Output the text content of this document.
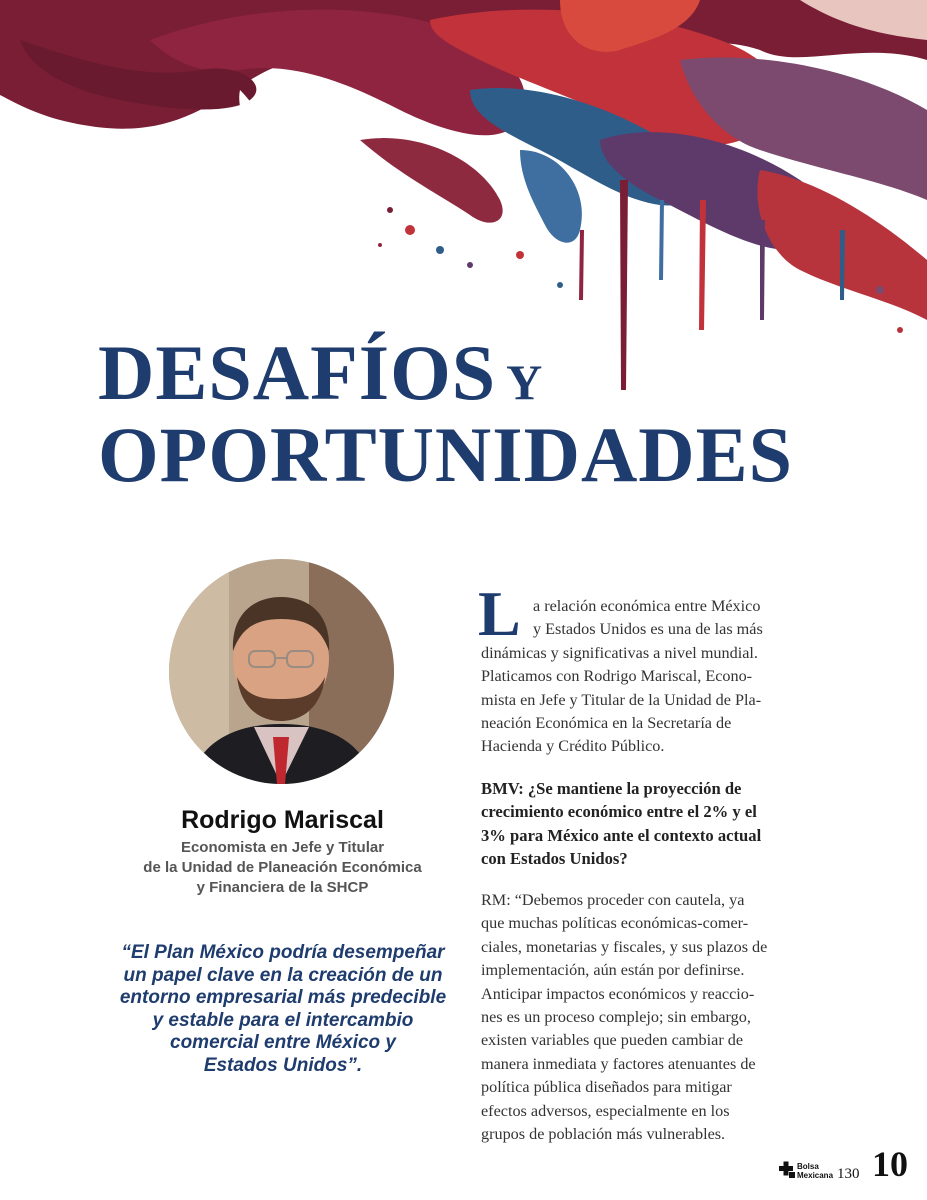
DESAFÍOS Y
OPORTUNIDADES
Rodrigo Mariscal
Economista en Jefe y Titular
de la Unidad de Planeación Económica
y Financiera de la SHCP
“El Plan México podría desempeñar
un papel clave en la creación de un
entorno empresarial más predecible
y estable para el intercambio
comercial entre México y
Estados Unidos”.
L a relación económica entre México
y Estados Unidos es una de las más
dinámicas y significativas a nivel mundial.
Platicamos con Rodrigo Mariscal, Econo-
mista en Jefe y Titular de la Unidad de Pla-
neación Económica en la Secretaría de
Hacienda y Crédito Público.
BMV: ¿Se mantiene la proyección de
crecimiento económico entre el 2% y el
3% para México ante el contexto actual
con Estados Unidos?
RM: “Debemos proceder con cautela, ya
que muchas políticas económicas-comer-
ciales, monetarias y fiscales, y sus plazos de
implementación, aún están por definirse.
Anticipar impactos económicos y reaccio-
nes es un proceso complejo; sin embargo,
existen variables que pueden cambiar de
manera inmediata y factores atenuantes de
política pública diseñados para mitigar
efectos adversos, especialmente en los
grupos de población más vulnerables.
Bolsa
Mexicana 130 10
